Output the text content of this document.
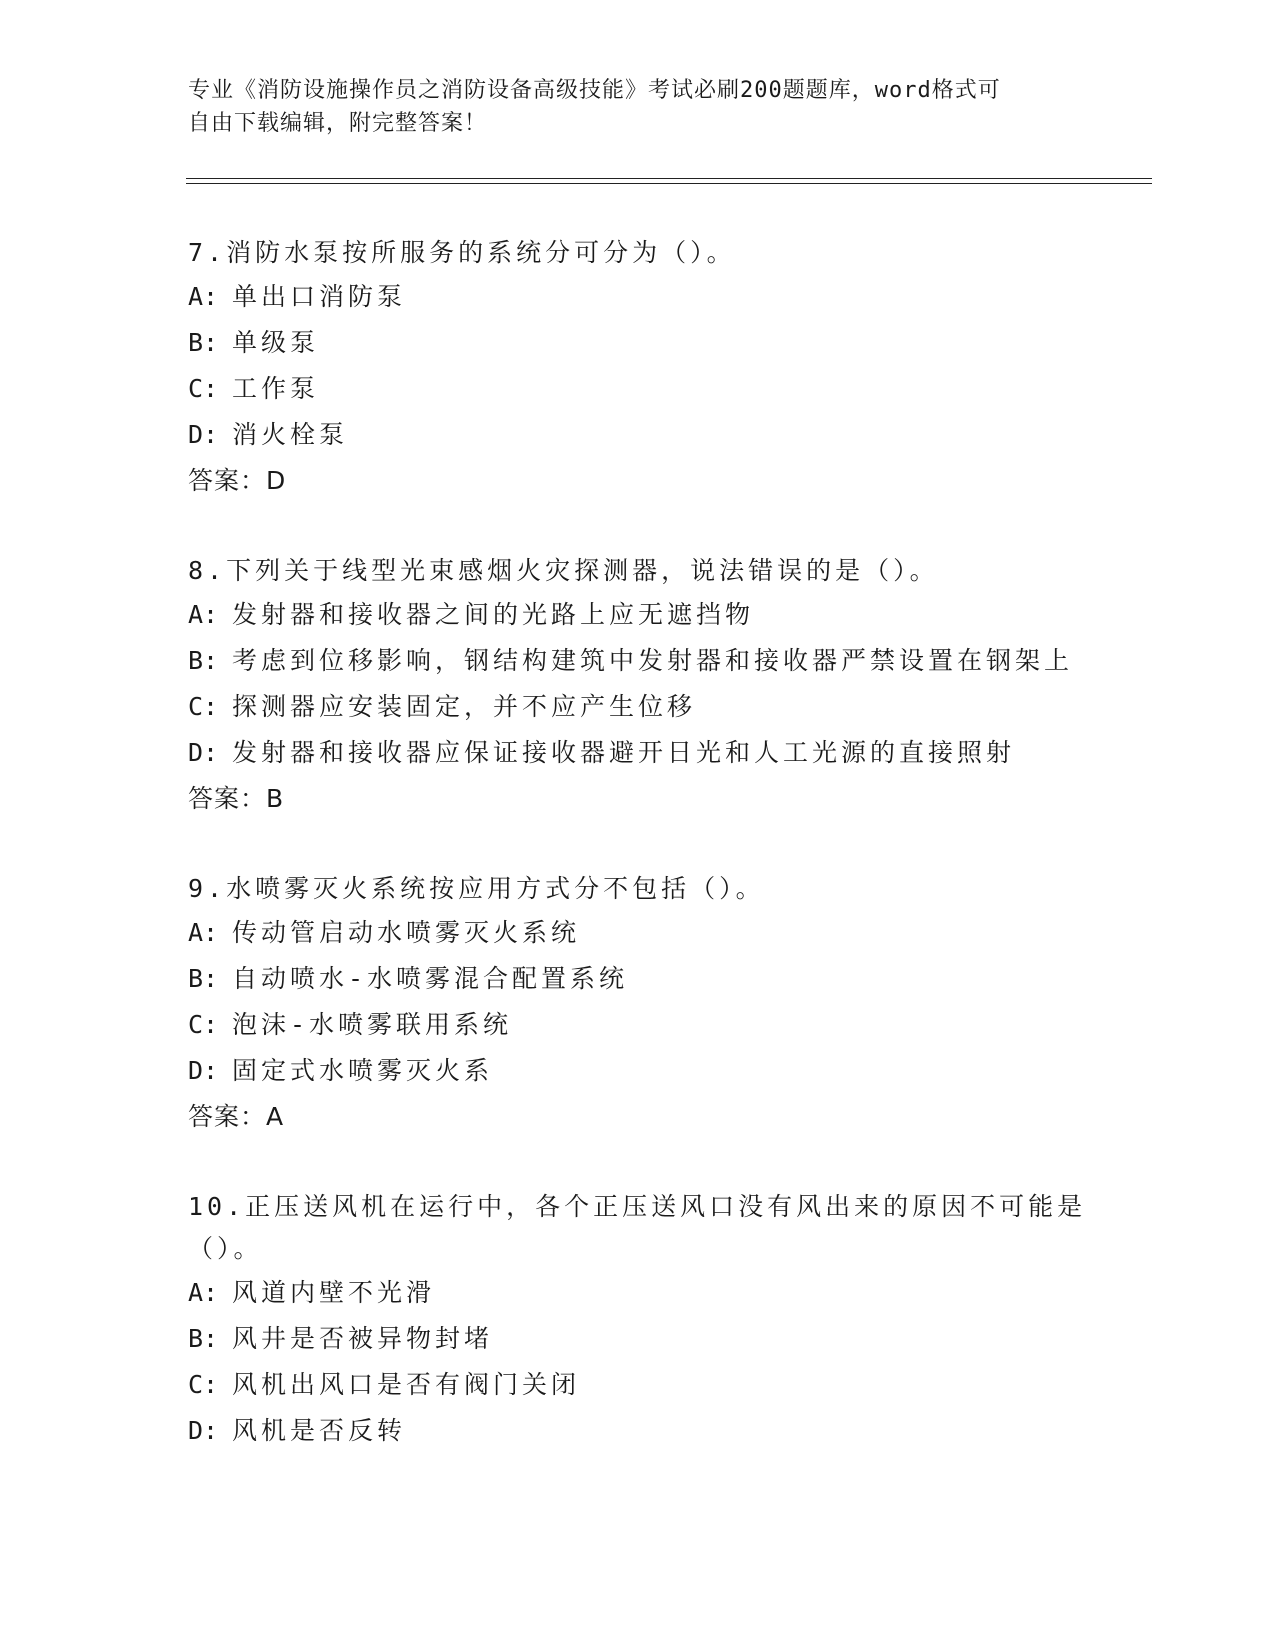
专业《消防设施操作员之消防设备高级技能》考试必刷200题题库，word格式可
自由下载编辑，附完整答案！
7.消防水泵按所服务的系统分可分为（）。
A: 单出口消防泵
B: 单级泵
C: 工作泵
D: 消火栓泵
答案：D
8.下列关于线型光束感烟火灾探测器，说法错误的是（）。
A: 发射器和接收器之间的光路上应无遮挡物
B: 考虑到位移影响，钢结构建筑中发射器和接收器严禁设置在钢架上
C: 探测器应安装固定，并不应产生位移
D: 发射器和接收器应保证接收器避开日光和人工光源的直接照射
答案：B
9.水喷雾灭火系统按应用方式分不包括（）。
A: 传动管启动水喷雾灭火系统
B: 自动喷水-水喷雾混合配置系统
C: 泡沫-水喷雾联用系统
D: 固定式水喷雾灭火系
答案：A
10.正压送风机在运行中，各个正压送风口没有风出来的原因不可能是
（）。
A: 风道内壁不光滑
B: 风井是否被异物封堵
C: 风机出风口是否有阀门关闭
D: 风机是否反转
